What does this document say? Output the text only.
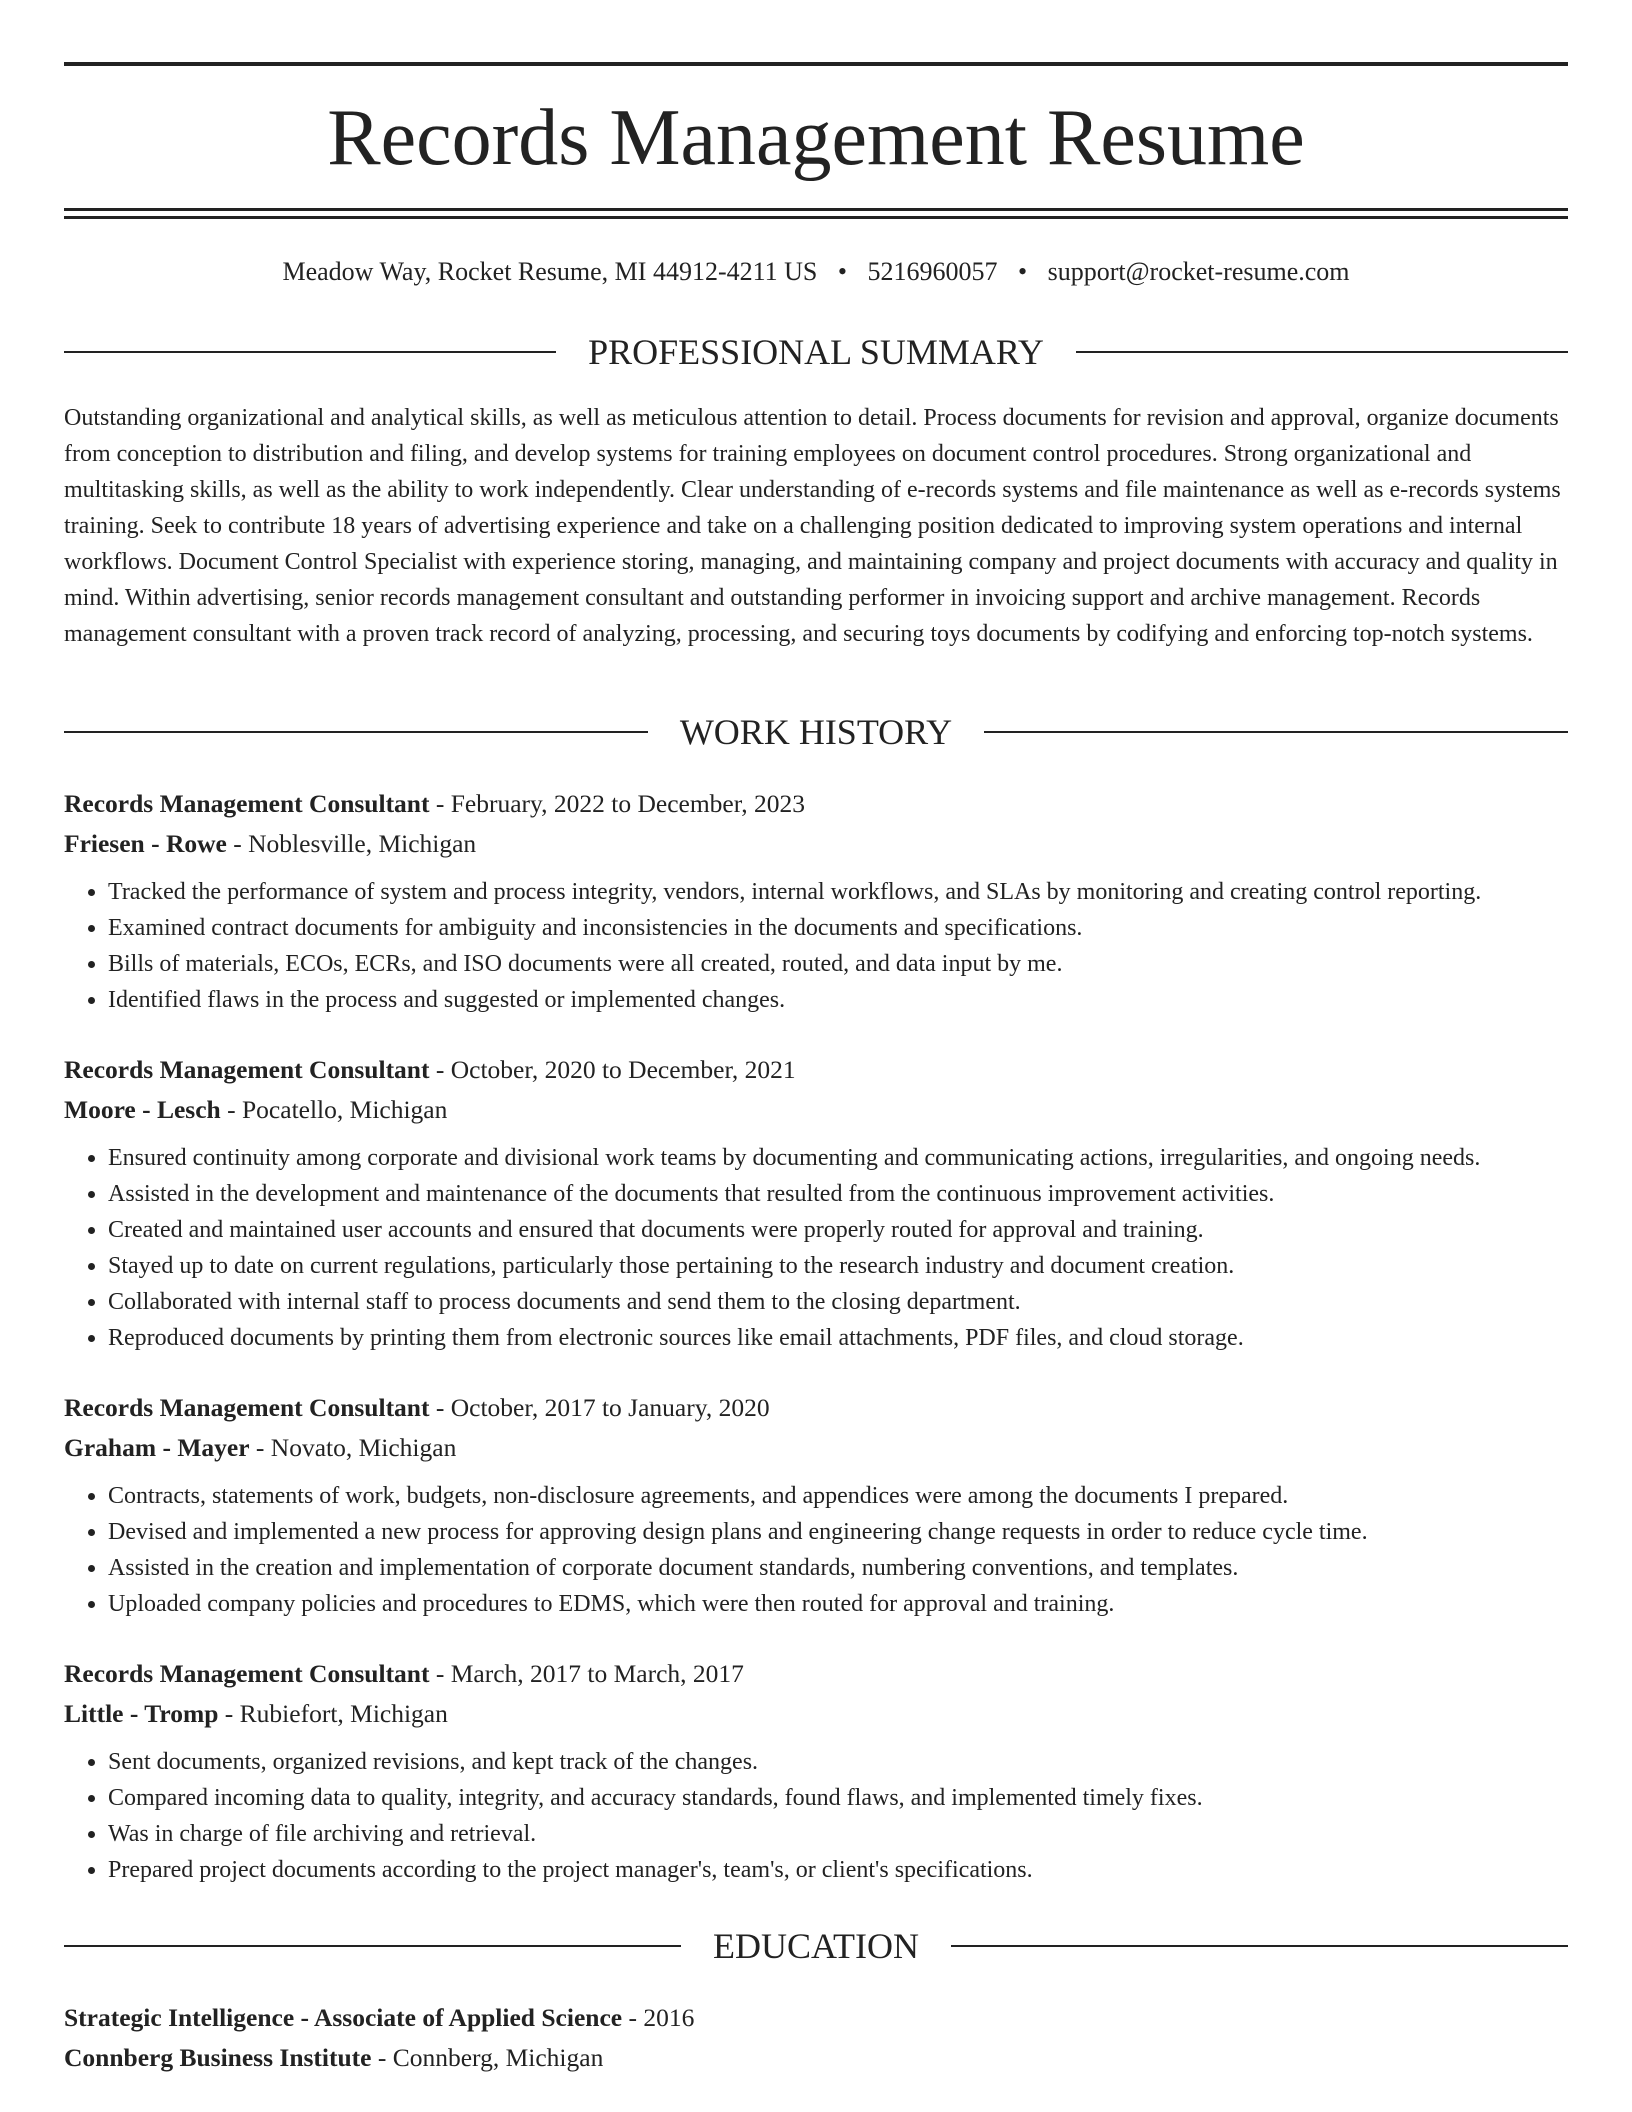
Records Management Resume
Meadow Way, Rocket Resume, MI 44912-4211 US • 5216960057 • support@rocket-resume.com
PROFESSIONAL SUMMARY

Outstanding organizational and analytical skills, as well as meticulous attention to detail. Process documents for revision and approval, organize documents from conception to distribution and filing, and develop systems for training employees on document control procedures. Strong organizational and multitasking skills, as well as the ability to work independently. Clear understanding of e-records systems and file maintenance as well as e-records systems training. Seek to contribute 18 years of advertising experience and take on a challenging position dedicated to improving system operations and internal workflows. Document Control Specialist with experience storing, managing, and maintaining company and project documents with accuracy and quality in mind. Within advertising, senior records management consultant and outstanding performer in invoicing support and archive management. Records management consultant with a proven track record of analyzing, processing, and securing toys documents by codifying and enforcing top-notch systems.

WORK HISTORY

Records Management Consultant - February, 2022 to December, 2023

Friesen - Rowe - Noblesville, Michigan

• Tracked the performance of system and process integrity, vendors, internal workflows, and SLAs by monitoring and creating control reporting.
• Examined contract documents for ambiguity and inconsistencies in the documents and specifications.
• Bills of materials, ECOs, ECRs, and ISO documents were all created, routed, and data input by me.
• Identified flaws in the process and suggested or implemented changes.

Records Management Consultant - October, 2020 to December, 2021

Moore - Lesch - Pocatello, Michigan

• Ensured continuity among corporate and divisional work teams by documenting and communicating actions, irregularities, and ongoing needs.
• Assisted in the development and maintenance of the documents that resulted from the continuous improvement activities.
• Created and maintained user accounts and ensured that documents were properly routed for approval and training.
• Stayed up to date on current regulations, particularly those pertaining to the research industry and document creation.
• Collaborated with internal staff to process documents and send them to the closing department.
• Reproduced documents by printing them from electronic sources like email attachments, PDF files, and cloud storage.

Records Management Consultant - October, 2017 to January, 2020

Graham - Mayer - Novato, Michigan

• Contracts, statements of work, budgets, non-disclosure agreements, and appendices were among the documents I prepared.
• Devised and implemented a new process for approving design plans and engineering change requests in order to reduce cycle time.
• Assisted in the creation and implementation of corporate document standards, numbering conventions, and templates.
• Uploaded company policies and procedures to EDMS, which were then routed for approval and training.

Records Management Consultant - March, 2017 to March, 2017

Little - Tromp - Rubiefort, Michigan

• Sent documents, organized revisions, and kept track of the changes.
• Compared incoming data to quality, integrity, and accuracy standards, found flaws, and implemented timely fixes.
• Was in charge of file archiving and retrieval.
• Prepared project documents according to the project manager's, team's, or client's specifications.
EDUCATION

Strategic Intelligence - Associate of Applied Science - 2016

Connberg Business Institute - Connberg, Michigan
